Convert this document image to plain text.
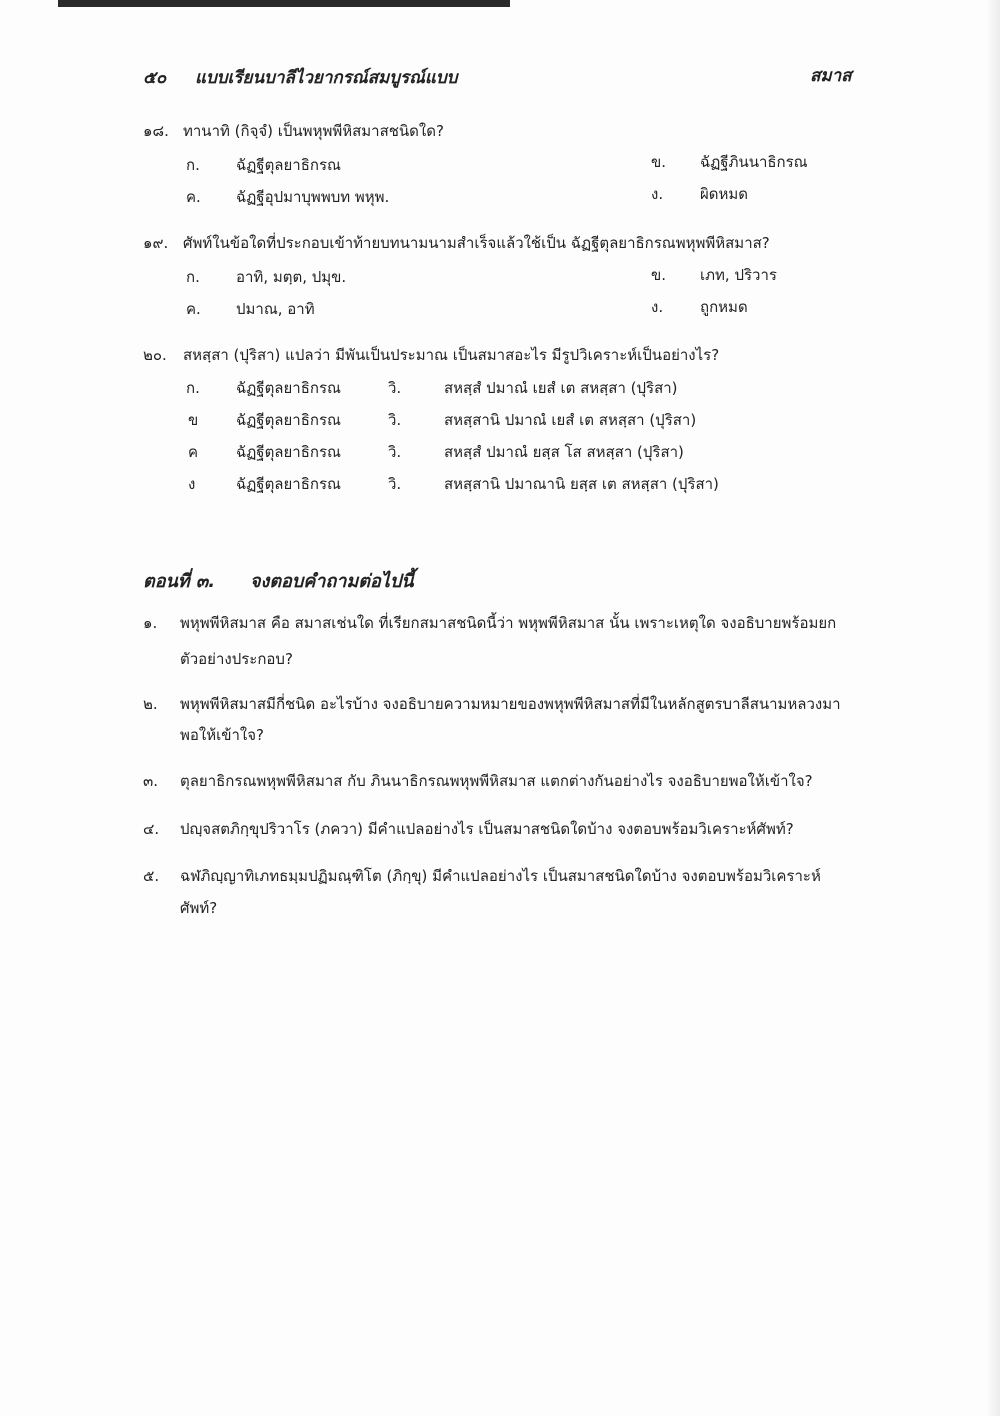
๕๐ แบบเรียนบาลีไวยากรณ์สมบูรณ์แบบ	สมาส
๑๘. ทานาทิ (กิจฺจํ) เป็นพหุพพีหิสมาสชนิดใด?
ก. ฉัฏฐีตุลยาธิกรณ	ข. ฉัฏฐีภินนาธิกรณ
ค. ฉัฏฐีอุปมาบุพพบท พหุพ.	ง. ผิดหมด
๑๙. ศัพท์ในข้อใดที่ประกอบเข้าท้ายบทนามนามสำเร็จแล้วใช้เป็น ฉัฏฐีตุลยาธิกรณพหุพพีหิสมาส?
ก. อาทิ, มตฺต, ปมุข.	ข. เภท, ปริวาร
ค. ปมาณ, อาทิ	ง. ถูกหมด
๒๐. สหสฺสา (ปุริสา) แปลว่า มีพันเป็นประมาณ เป็นสมาสอะไร มีรูปวิเคราะห์เป็นอย่างไร?
ก. ฉัฏฐีตุลยาธิกรณ	วิ.	สหสฺสํ ปมาณํ เยสํ เต สหสฺสา (ปุริสา)
ข	ฉัฏฐีตุลยาธิกรณ	วิ.	สหสฺสานิ ปมาณํ เยสํ เต สหสฺสา (ปุริสา)
ค	ฉัฏฐีตุลยาธิกรณ	วิ.	สหสฺสํ ปมาณํ ยสฺส โส สหสฺสา (ปุริสา)
ง	ฉัฏฐีตุลยาธิกรณ	วิ.	สหสฺสานิ ปมาณานิ ยสฺส เต สหสฺสา (ปุริสา)
ตอนที่ ๓. จงตอบคำถามต่อไปนี้
๑. พหุพพีหิสมาส คือ สมาสเช่นใด ที่เรียกสมาสชนิดนี้ว่า พหุพพีหิสมาส นั้น เพราะเหตุใด จงอธิบายพร้อมยก
ตัวอย่างประกอบ?
๒. พหุพพีหิสมาสมีกี่ชนิด อะไรบ้าง จงอธิบายความหมายของพหุพพีหิสมาสที่มีในหลักสูตรบาลีสนามหลวงมา
พอให้เข้าใจ?
๓. ตุลยาธิกรณพหุพพีหิสมาส กับ ภินนาธิกรณพหุพพีหิสมาส แตกต่างกันอย่างไร จงอธิบายพอให้เข้าใจ?
๔. ปญฺจสตภิกฺขุปริวาโร (ภควา) มีคำแปลอย่างไร เป็นสมาสชนิดใดบ้าง จงตอบพร้อมวิเคราะห์ศัพท์?
๕. ฉฬภิญฺญาทิเภทธมฺมปฏิมณฺฑิโต (ภิกฺขุ) มีคำแปลอย่างไร เป็นสมาสชนิดใดบ้าง จงตอบพร้อมวิเคราะห์
ศัพท์?
